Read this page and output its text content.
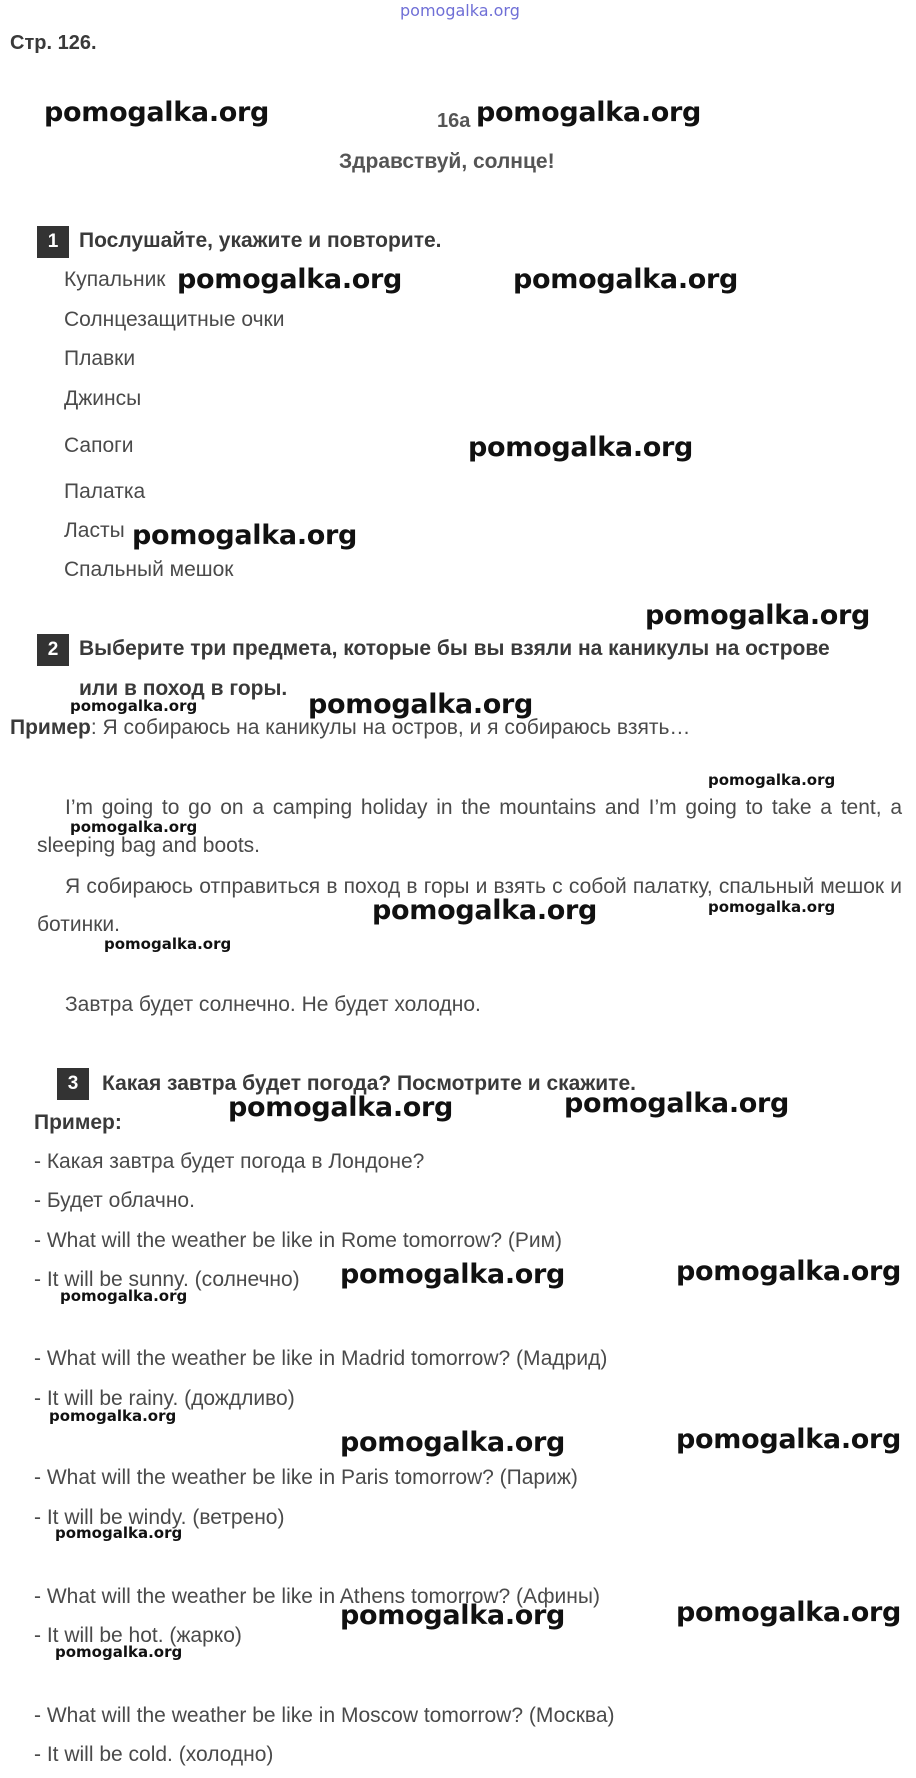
pomogalka.org
Стр. 126.
16a
Здравствуй, солнце!
1 Послушайте, укажите и повторите.
Купальник
Солнцезащитные очки
Плавки
Джинсы
Сапоги
Палатка
Ласты
Спальный мешок
2 Выберите три предмета, которые бы вы взяли на каникулы на острове
или в поход в горы.
Пример: Я собираюсь на каникулы на остров, и я собираюсь взять…
I’m going to go on a camping holiday in the mountains and I’m going to take a tent, a sleeping bag and boots.
Я собираюсь отправиться в поход в горы и взять с собой палатку, спальный мешок и ботинки.
Завтра будет солнечно. Не будет холодно.
3	Какая завтра будет погода? Посмотрите и скажите.
Пример:
- Какая завтра будет погода в Лондоне?
- Будет облачно.
- What will the weather be like in Rome tomorrow? (Рим)
- It will be sunny. (солнечно)
- What will the weather be like in Madrid tomorrow? (Мадрид)
- It will be rainy. (дождливо)
- What will the weather be like in Paris tomorrow? (Париж)
- It will be windy. (ветрено)
- What will the weather be like in Athens tomorrow? (Афины)
- It will be hot. (жарко)
- What will the weather be like in Moscow tomorrow? (Москва)
- It will be cold. (холодно)
pomogalka.org	pomogalka.org
pomogalka.org	pomogalka.org
pomogalka.org
pomogalka.org
pomogalka.org
pomogalka.org
pomogalka.org
pomogalka.org	pomogalka.org
pomogalka.org	pomogalka.org
pomogalka.org	pomogalka.org
pomogalka.org	pomogalka.org
pomogalka.org
pomogalka.org
pomogalka.org
pomogalka.org
pomogalka.org
pomogalka.org
pomogalka.org
pomogalka.org
pomogalka.org
